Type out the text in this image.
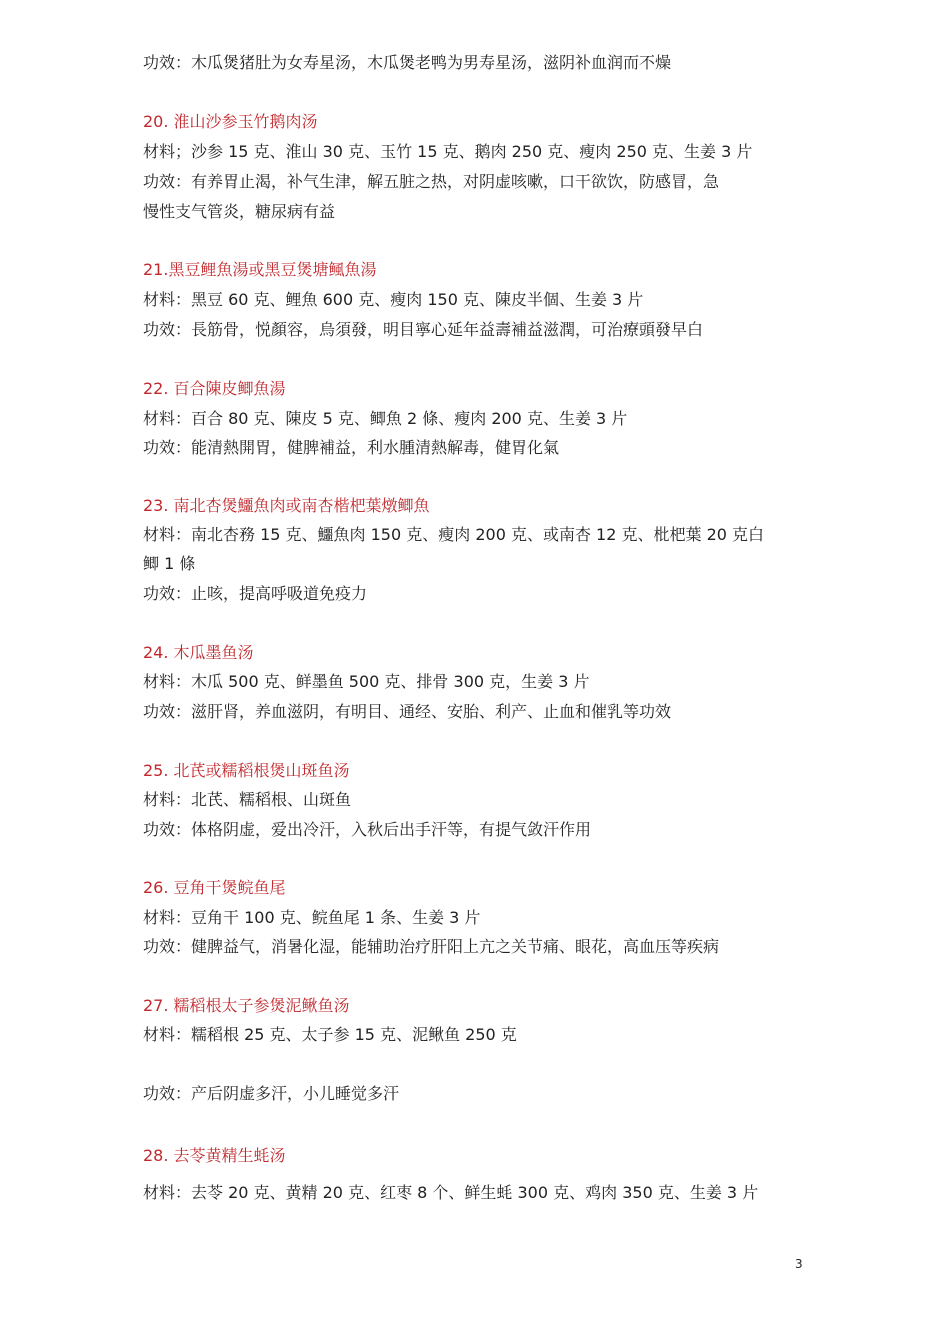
功效：木瓜煲猪肚为女寿星汤，木瓜煲老鸭为男寿星汤，滋阴补血润而不燥
20. 淮山沙参玉竹鹅肉汤
材料；沙参 15 克、淮山 30 克、玉竹 15 克、鹅肉 250 克、瘦肉 250 克、生姜 3 片
功效：有养胃止渴，补气生津，解五脏之热，对阴虚咳嗽，口干欲饮，防感冒，急
慢性支气管炎，糖尿病有益
21.黑豆鲤魚湯或黑豆煲塘鲺魚湯
材料：黑豆 60 克、鲤魚 600 克、瘦肉 150 克、陳皮半個、生姜 3 片
功效：長筋骨，悦顏容，烏須發，明目寧心延年益壽補益滋潤，可治療頭發早白
22. 百合陳皮鲫魚湯
材料：百合 80 克、陳皮 5 克、鲫魚 2 條、瘦肉 200 克、生姜 3 片
功效：能清熱開胃，健脾補益，利水腫清熱解毒，健胃化氣
23. 南北杏煲鱷魚肉或南杏楷杷葉燉鲫魚
材料：南北杏務 15 克、鱷魚肉 150 克、瘦肉 200 克、或南杏 12 克、枇杷葉 20 克白
鲫 1 條
功效：止咳，提高呼吸道免疫力
24. 木瓜墨鱼汤
材料：木瓜 500 克、鲜墨鱼 500 克、排骨 300 克，生姜 3 片
功效：滋肝肾，养血滋阴，有明目、通经、安胎、利产、止血和催乳等功效
25. 北芪或糯稻根煲山斑鱼汤
材料：北芪、糯稻根、山斑鱼
功效：体格阴虚，爱出冷汗，入秋后出手汗等，有提气敛汗作用
26. 豆角干煲鲩鱼尾
材料：豆角干 100 克、鲩鱼尾 1 条、生姜 3 片
功效：健脾益气，消暑化湿，能辅助治疗肝阳上亢之关节痛、眼花，高血压等疾病
27. 糯稻根太子参煲泥鳅鱼汤
材料：糯稻根 25 克、太子参 15 克、泥鳅鱼 250 克
功效：产后阴虚多汗，小儿睡觉多汗
28. 去苓黄精生蚝汤
材料：去苓 20 克、黄精 20 克、红枣 8 个、鲜生蚝 300 克、鸡肉 350 克、生姜 3 片
3
